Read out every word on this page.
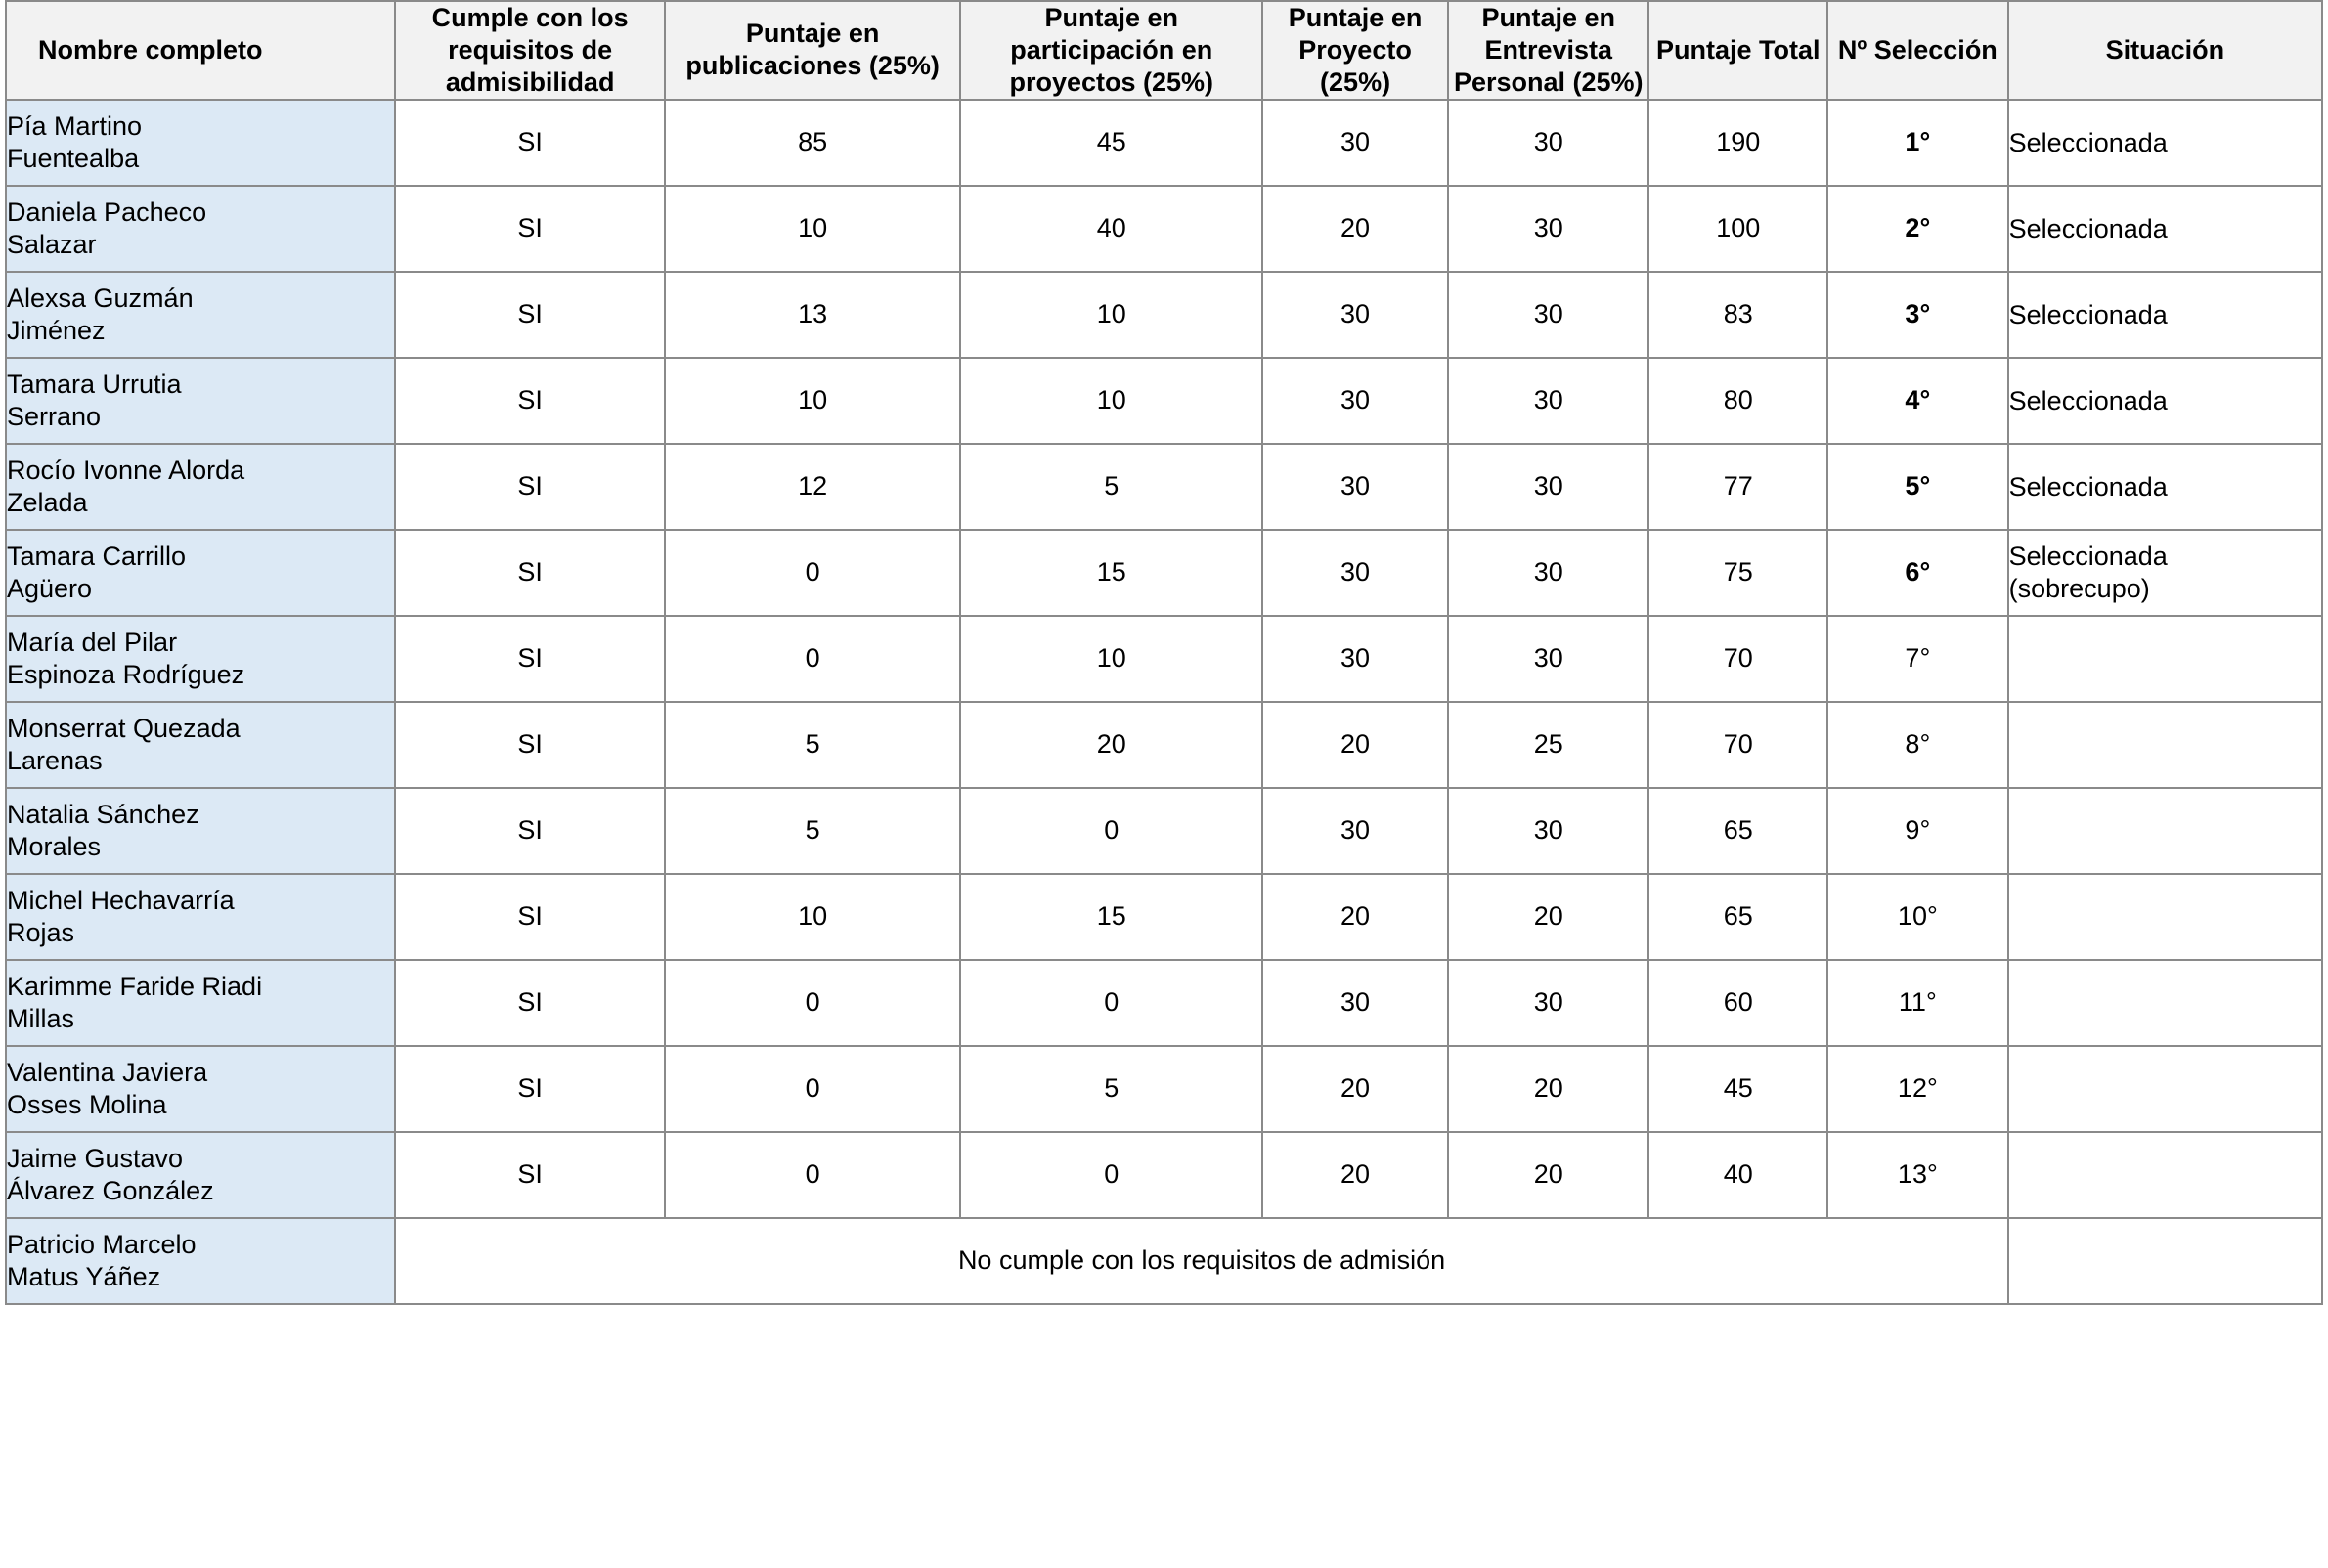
Nombre completo	Cumple con los requisitos de admisibilidad	Puntaje en publicaciones (25%)	Puntaje en participación en proyectos (25%)	Puntaje en Proyecto (25%)	Puntaje en Entrevista Personal (25%)	Puntaje Total	Nº Selección	Situación

Pía Martino
Fuentealba	SI	85	45	30	30	190	1°	Seleccionada

Daniela Pacheco
Salazar	SI	10	40	20	30	100	2°	Seleccionada

Alexsa Guzmán
Jiménez	SI	13	10	30	30	83	3°	Seleccionada

Tamara Urrutia
Serrano	SI	10	10	30	30	80	4°	Seleccionada

Rocío Ivonne Alorda
Zelada	SI	12	5	30	30	77	5°	Seleccionada

Tamara Carrillo
Agüero	SI	0	15	30	30	75	6°	Seleccionada
(sobrecupo)

María del Pilar
Espinoza Rodríguez	SI	0	10	30	30	70	7°	

Monserrat Quezada
Larenas	SI	5	20	20	25	70	8°	

Natalia Sánchez
Morales	SI	5	0	30	30	65	9°	

Michel Hechavarría
Rojas	SI	10	15	20	20	65	10°	

Karimme Faride Riadi
Millas	SI	0	0	30	30	60	11°	

Valentina Javiera
Osses Molina	SI	0	5	20	20	45	12°	

Jaime Gustavo
Álvarez González	SI	0	0	20	20	40	13°	

Patricio Marcelo
Matus Yáñez	No cumple con los requisitos de admisión							
